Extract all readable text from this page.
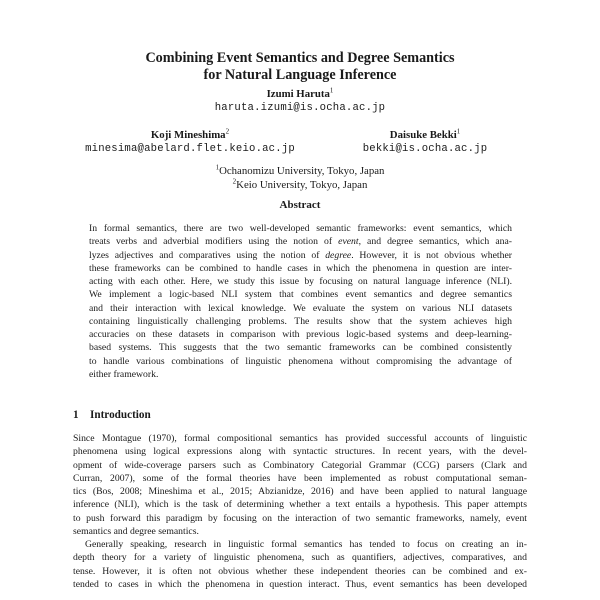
Combining Event Semantics and Degree Semantics
for Natural Language Inference
Izumi Haruta$^1$
haruta.izumi@is.ocha.ac.jp
Koji Mineshima$^2$
minesima@abelard.flet.keio.ac.jp
Daisuke Bekki$^1$
bekki@is.ocha.ac.jp
$^1$Ochanomizu University, Tokyo, Japan
$^2$Keio University, Tokyo, Japan
Abstract
In formal semantics, there are two well-developed semantic frameworks: event semantics, which
treats verbs and adverbial modifiers using the notion of event, and degree semantics, which ana-
lyzes adjectives and comparatives using the notion of degree. However, it is not obvious whether
these frameworks can be combined to handle cases in which the phenomena in question are inter-
acting with each other. Here, we study this issue by focusing on natural language inference (NLI).
We implement a logic-based NLI system that combines event semantics and degree semantics
and their interaction with lexical knowledge. We evaluate the system on various NLI datasets
containing linguistically challenging problems. The results show that the system achieves high
accuracies on these datasets in comparison with previous logic-based systems and deep-learning-
based systems. This suggests that the two semantic frameworks can be combined consistently
to handle various combinations of linguistic phenomena without compromising the advantage of
either framework.
1 Introduction
Since Montague (1970), formal compositional semantics has provided successful accounts of linguistic
phenomena using logical expressions along with syntactic structures. In recent years, with the devel-
opment of wide-coverage parsers such as Combinatory Categorial Grammar (CCG) parsers (Clark and
Curran, 2007), some of the formal theories have been implemented as robust computational seman-
tics (Bos, 2008; Mineshima et al., 2015; Abzianidze, 2016) and have been applied to natural language
inference (NLI), which is the task of determining whether a text entails a hypothesis. This paper attempts
to push forward this paradigm by focusing on the interaction of two semantic frameworks, namely, event
semantics and degree semantics.
Generally speaking, research in linguistic formal semantics has tended to focus on creating an in-
depth theory for a variety of linguistic phenomena, such as quantifiers, adjectives, comparatives, and
tense. However, it is often not obvious whether these independent theories can be combined and ex-
tended to cases in which the phenomena in question interact. Thus, event semantics has been developed
